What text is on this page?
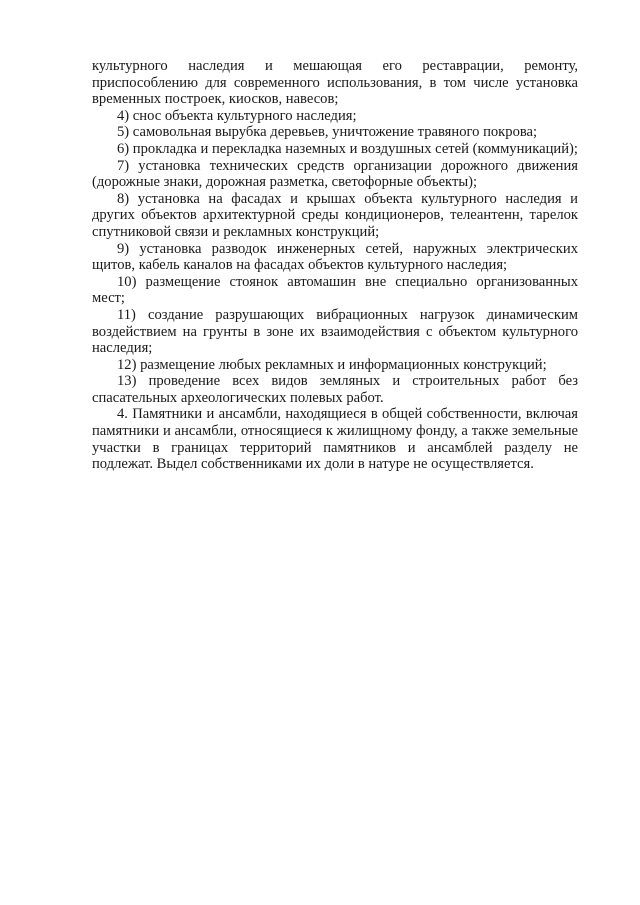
культурного наследия и мешающая его реставрации, ремонту, приспособлению для современного использования, в том числе установка временных построек, киосков, навесов;

4) снос объекта культурного наследия;

5) самовольная вырубка деревьев, уничтожение травяного покрова;

6) прокладка и перекладка наземных и воздушных сетей (коммуникаций);

7) установка технических средств организации дорожного движения (дорожные знаки, дорожная разметка, светофорные объекты);

8) установка на фасадах и крышах объекта культурного наследия и других объектов архитектурной среды кондиционеров, телеантенн, тарелок спутниковой связи и рекламных конструкций;

9) установка разводок инженерных сетей, наружных электрических щитов, кабель каналов на фасадах объектов культурного наследия;

10) размещение стоянок автомашин вне специально организованных мест;

11) создание разрушающих вибрационных нагрузок динамическим воздействием на грунты в зоне их взаимодействия с объектом культурного наследия;

12) размещение любых рекламных и информационных конструкций;

13) проведение всех видов земляных и строительных работ без спасательных археологических полевых работ.

4. Памятники и ансамбли, находящиеся в общей собственности, включая памятники и ансамбли, относящиеся к жилищному фонду, а также земельные участки в границах территорий памятников и ансамблей разделу не подлежат. Выдел собственниками их доли в натуре не осуществляется.
